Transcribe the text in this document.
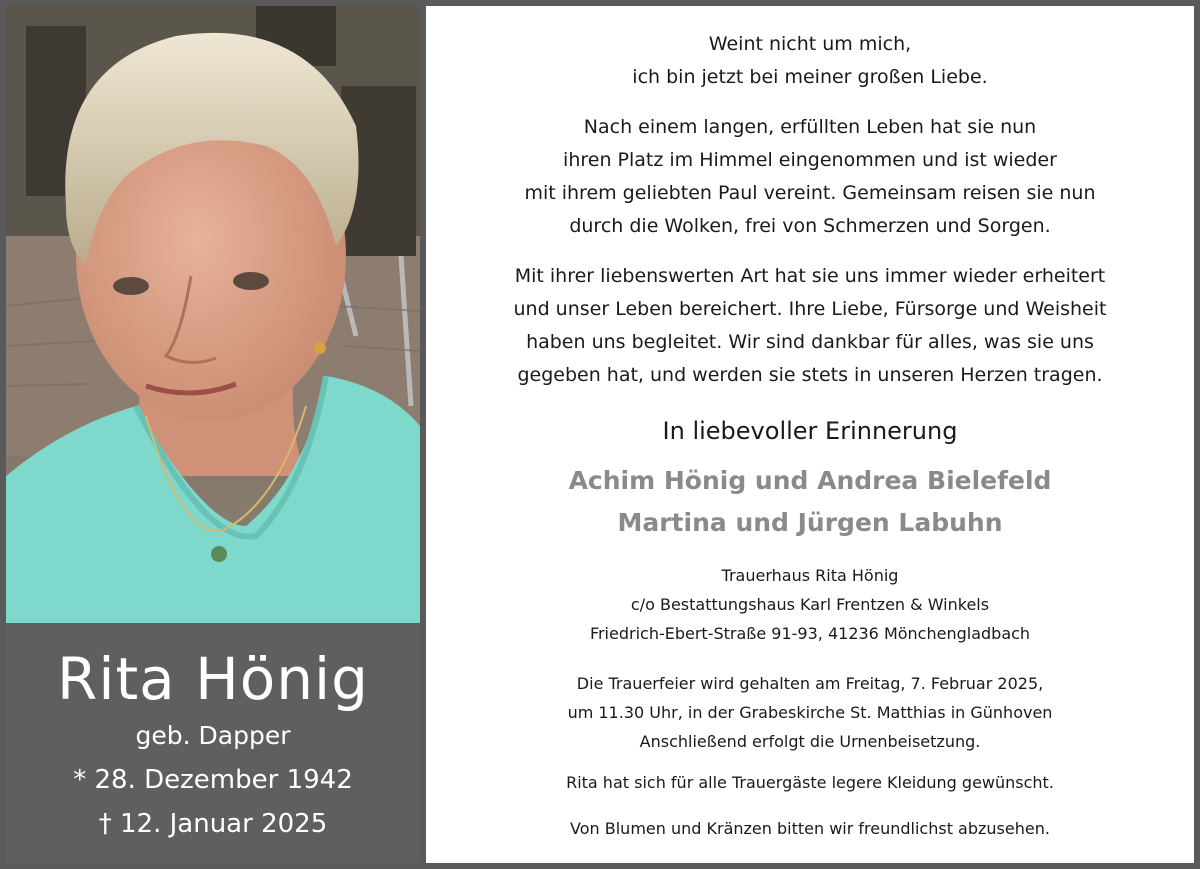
Rita Hönig
geb. Dapper
* 28. Dezember 1942
† 12. Januar 2025

Weint nicht um mich,
ich bin jetzt bei meiner großen Liebe.

Nach einem langen, erfüllten Leben hat sie nun
ihren Platz im Himmel eingenommen und ist wieder
mit ihrem geliebten Paul vereint. Gemeinsam reisen sie nun
durch die Wolken, frei von Schmerzen und Sorgen.

Mit ihrer liebenswerten Art hat sie uns immer wieder erheitert
und unser Leben bereichert. Ihre Liebe, Fürsorge und Weisheit
haben uns begleitet. Wir sind dankbar für alles, was sie uns
gegeben hat, und werden sie stets in unseren Herzen tragen.

In liebevoller Erinnerung
Achim Hönig und Andrea Bielefeld
Martina und Jürgen Labuhn
Trauerhaus Rita Hönig
c/o Bestattungshaus Karl Frentzen & Winkels
Friedrich-Ebert-Straße 91-93, 41236 Mönchengladbach
Die Trauerfeier wird gehalten am Freitag, 7. Februar 2025,
um 11.30 Uhr, in der Grabeskirche St. Matthias in Günhoven
Anschließend erfolgt die Urnenbeisetzung.
Rita hat sich für alle Trauergäste legere Kleidung gewünscht.
Von Blumen und Kränzen bitten wir freundlichst abzusehen.
